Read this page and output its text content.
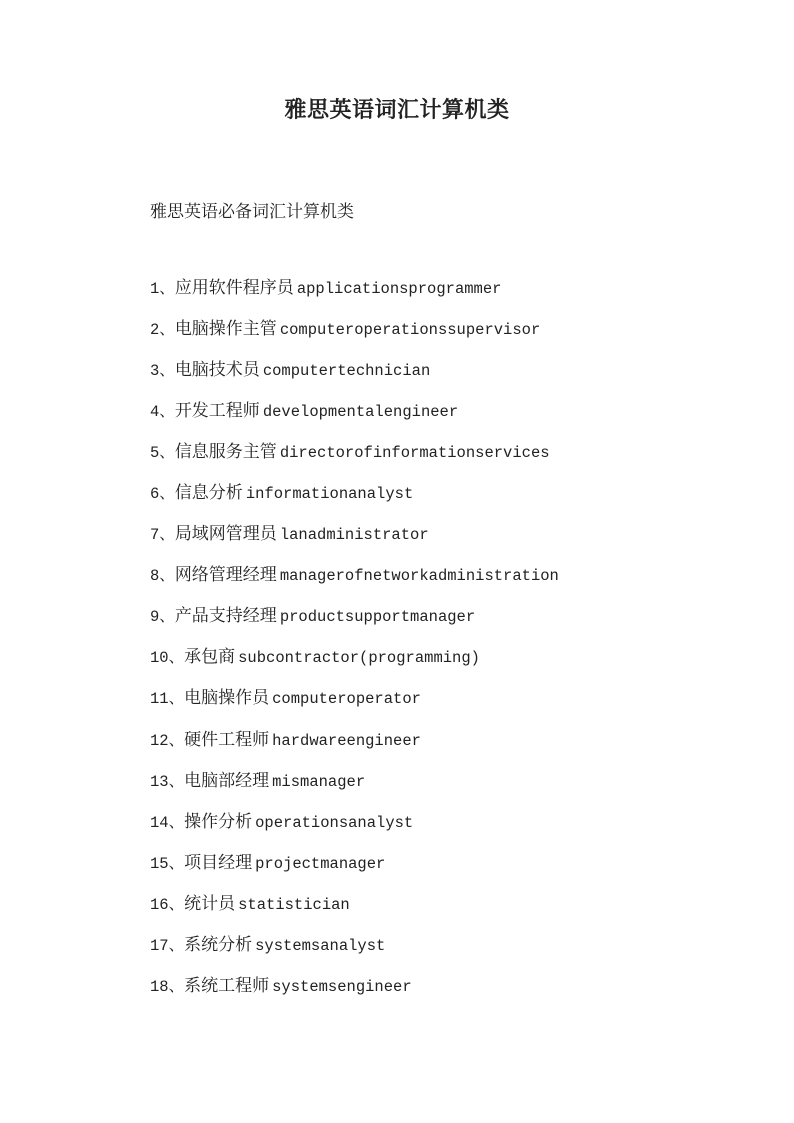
雅思英语词汇计算机类

雅思英语必备词汇计算机类

1、应用软件程序员 applicationsprogrammer
2、电脑操作主管 computeroperationssupervisor
3、电脑技术员 computertechnician
4、开发工程师 developmentalengineer
5、信息服务主管 directorofinformationservices
6、信息分析 informationanalyst
7、局域网管理员 lanadministrator
8、网络管理经理 managerofnetworkadministration
9、产品支持经理 productsupportmanager
10、承包商 subcontractor(programming)
11、电脑操作员 computeroperator
12、硬件工程师 hardwareengineer
13、电脑部经理 mismanager
14、操作分析 operationsanalyst
15、项目经理 projectmanager
16、统计员 statistician
17、系统分析 systemsanalyst
18、系统工程师 systemsengineer
